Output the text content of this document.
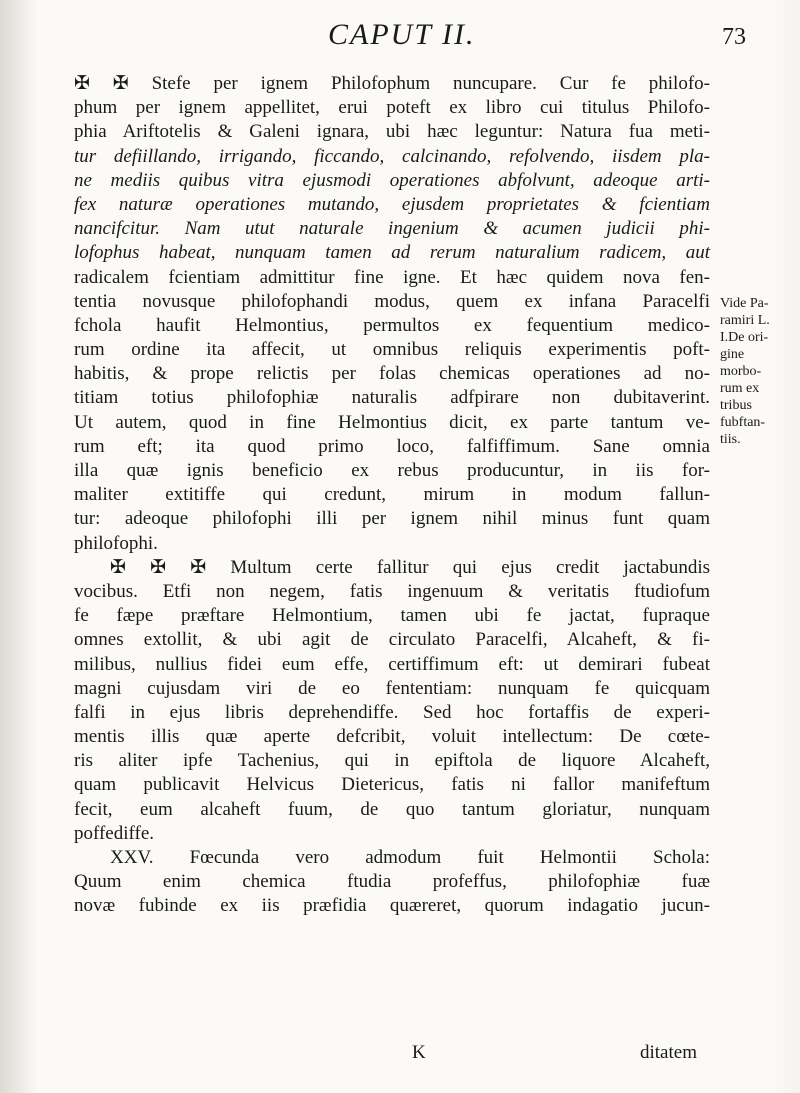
CAPUT II.	73
✠ ✠ Stefe per ignem Philofophum nuncupare. Cur fe philofo-
phum per ignem appellitet, erui poteft ex libro cui titulus Philofo-
phia Ariftotelis & Galeni ignara, ubi hæc leguntur: Natura fua meti-
tur defiillando, irrigando, ficcando, calcinando, refolvendo, iisdem pla-
ne mediis quibus vitra ejusmodi operationes abfolvunt, adeoque arti-
fex naturæ operationes mutando, ejusdem proprietates & fcientiam
nancifcitur. Nam utut naturale ingenium & acumen judicii phi-
lofophus habeat, nunquam tamen ad rerum naturalium radicem, aut
radicalem fcientiam admittitur fine igne. Et hæc quidem nova fen-
tentia novusque philofophandi modus, quem ex infana Paracelfi
fchola haufit Helmontius, permultos ex fequentium medico-
rum ordine ita affecit, ut omnibus reliquis experimentis poft-
habitis, & prope relictis per folas chemicas operationes ad no-
titiam totius philofophiæ naturalis adfpirare non dubitaverint.
Ut autem, quod in fine Helmontius dicit, ex parte tantum ve-
rum eft; ita quod primo loco, falfiffimum. Sane omnia
illa quæ ignis beneficio ex rebus producuntur, in iis for-
maliter extitiffe qui credunt, mirum in modum fallun-
tur: adeoque philofophi illi per ignem nihil minus funt quam
philofophi.
✠ ✠ ✠ Multum certe fallitur qui ejus credit jactabundis
vocibus. Etfi non negem, fatis ingenuum & veritatis ftudiofum
fe fæpe præftare Helmontium, tamen ubi fe jactat, fupraque
omnes extollit, & ubi agit de circulato Paracelfi, Alcaheft, & fi-
milibus, nullius fidei eum effe, certiffimum eft: ut demirari fubeat
magni cujusdam viri de eo fententiam: nunquam fe quicquam
falfi in ejus libris deprehendiffe. Sed hoc fortaffis de experi-
mentis illis quæ aperte defcribit, voluit intellectum: De cœte-
ris aliter ipfe Tachenius, qui in epiftola de liquore Alcaheft,
quam publicavit Helvicus Dietericus, fatis ni fallor manifeftum
fecit, eum alcaheft fuum, de quo tantum gloriatur, nunquam
poffediffe.
XXV. Fœcunda vero admodum fuit Helmontii Schola:
Quum enim chemica ftudia profeffus, philofophiæ fuæ
novæ fubinde ex iis præfidia quæreret, quorum indagatio jucun-
Vide Pa-
ramiri L.
I.De ori-
gine
morbo-
rum ex
tribus
fubftan-
tiis.
K	ditatem
